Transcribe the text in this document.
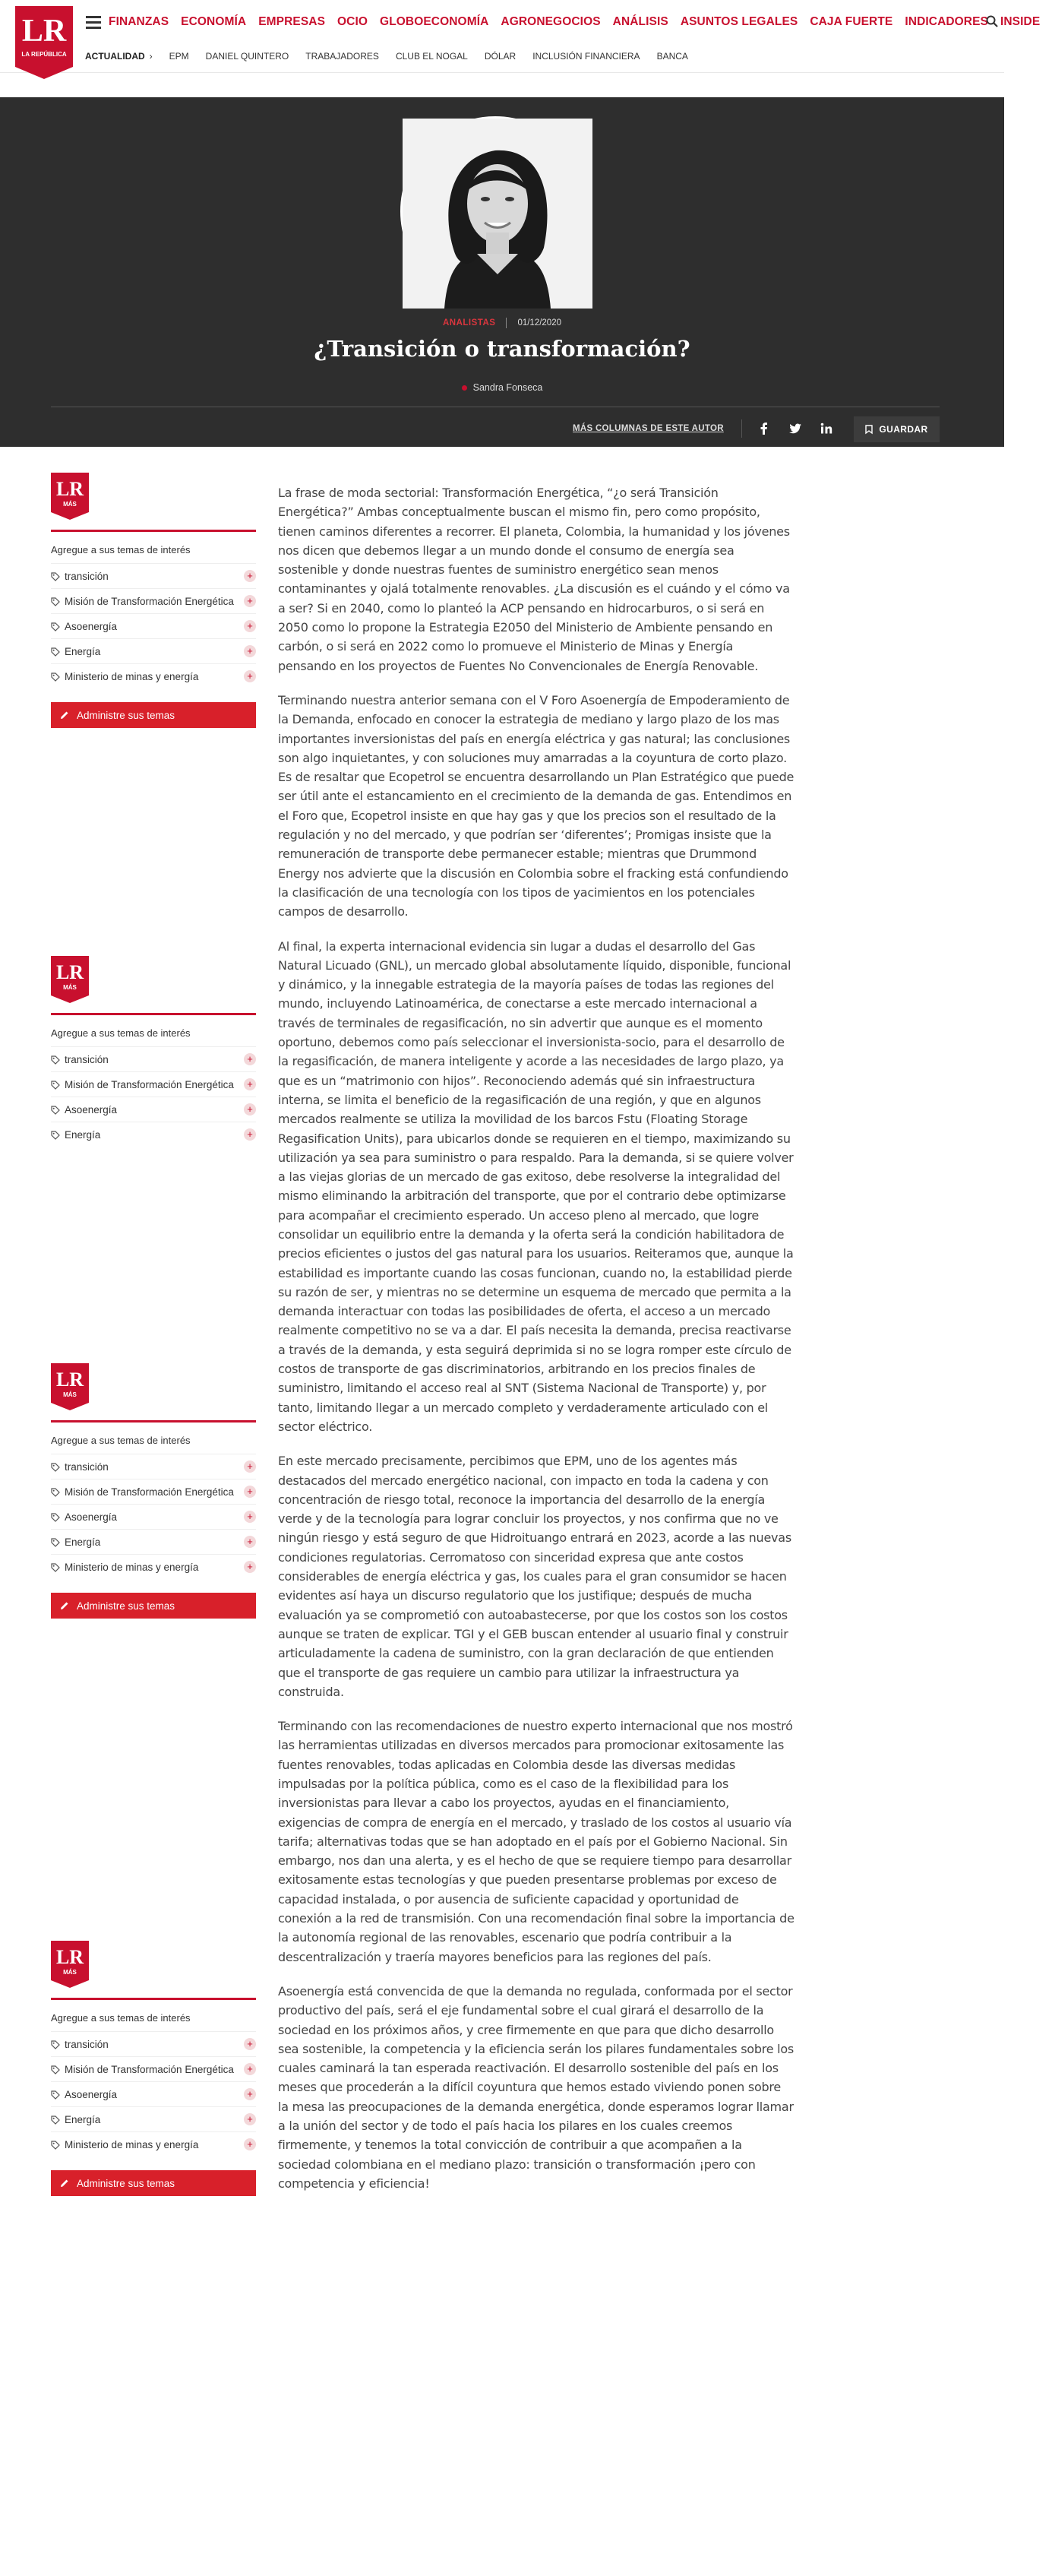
LR
LA REPÚBLICA
FINANZAS ECONOMÍA EMPRESAS OCIO GLOBOECONOMÍA AGRONEGOCIOS ANÁLISIS ASUNTOS LEGALES CAJA FUERTE INDICADORES INSIDE
ACTUALIDAD › EPM DANIEL QUINTERO TRABAJADORES CLUB EL NOGAL DÓLAR INCLUSIÓN FINANCIERA BANCA
ANALISTAS	01/12/2020
¿Transición o transformación?
Sandra Fonseca
MÁS COLUMNAS DE ESTE AUTOR	GUARDAR
LR
MÁS
Agregue a sus temas de interés
transición	+
Misión de Transformación Energética	+
Asoenergía	+
Energía	+
Ministerio de minas y energía	+
Administre sus temas
LR
MÁS
Agregue a sus temas de interés
transición	+
Misión de Transformación Energética	+
Asoenergía	+
Energía	+
LR
MÁS
Agregue a sus temas de interés
transición	+
Misión de Transformación Energética	+
Asoenergía	+
Energía	+
Ministerio de minas y energía	+
Administre sus temas
LR
MÁS
Agregue a sus temas de interés
transición	+
Misión de Transformación Energética	+
Asoenergía	+
Energía	+
Ministerio de minas y energía	+
Administre sus temas

La frase de moda sectorial: Transformación Energética, “¿o será Transición Energética?” Ambas conceptualmente buscan el mismo fin, pero como propósito, tienen caminos diferentes a recorrer. El planeta, Colombia, la humanidad y los jóvenes nos dicen que debemos llegar a un mundo donde el consumo de energía sea sostenible y donde nuestras fuentes de suministro energético sean menos contaminantes y ojalá totalmente renovables. ¿La discusión es el cuándo y el cómo va a ser? Si en 2040, como lo planteó la ACP pensando en hidrocarburos, o si será en 2050 como lo propone la Estrategia E2050 del Ministerio de Ambiente pensando en carbón, o si será en 2022 como lo promueve el Ministerio de Minas y Energía pensando en los proyectos de Fuentes No Convencionales de Energía Renovable.

Terminando nuestra anterior semana con el V Foro Asoenergía de Empoderamiento de la Demanda, enfocado en conocer la estrategia de mediano y largo plazo de los mas importantes inversionistas del país en energía eléctrica y gas natural; las conclusiones son algo inquietantes, y con soluciones muy amarradas a la coyuntura de corto plazo. Es de resaltar que Ecopetrol se encuentra desarrollando un Plan Estratégico que puede ser útil ante el estancamiento en el crecimiento de la demanda de gas. Entendimos en el Foro que, Ecopetrol insiste en que hay gas y que los precios son el resultado de la regulación y no del mercado, y que podrían ser ‘diferentes’; Promigas insiste que la remuneración de transporte debe permanecer estable; mientras que Drummond Energy nos advierte que la discusión en Colombia sobre el fracking está confundiendo la clasificación de una tecnología con los tipos de yacimientos en los potenciales campos de desarrollo.

Al final, la experta internacional evidencia sin lugar a dudas el desarrollo del Gas Natural Licuado (GNL), un mercado global absolutamente líquido, disponible, funcional y dinámico, y la innegable estrategia de la mayoría países de todas las regiones del mundo, incluyendo Latinoamérica, de conectarse a este mercado internacional a través de terminales de regasificación, no sin advertir que aunque es el momento oportuno, debemos como país seleccionar el inversionista-socio, para el desarrollo de la regasificación, de manera inteligente y acorde a las necesidades de largo plazo, ya que es un “matrimonio con hijos”. Reconociendo además qué sin infraestructura interna, se limita el beneficio de la regasificación de una región, y que en algunos mercados realmente se utiliza la movilidad de los barcos Fstu (Floating Storage Regasification Units), para ubicarlos donde se requieren en el tiempo, maximizando su utilización ya sea para suministro o para respaldo. Para la demanda, si se quiere volver a las viejas glorias de un mercado de gas exitoso, debe resolverse la integralidad del mismo eliminando la arbitración del transporte, que por el contrario debe optimizarse para acompañar el crecimiento esperado. Un acceso pleno al mercado, que logre consolidar un equilibrio entre la demanda y la oferta será la condición habilitadora de precios eficientes o justos del gas natural para los usuarios. Reiteramos que, aunque la estabilidad es importante cuando las cosas funcionan, cuando no, la estabilidad pierde su razón de ser, y mientras no se determine un esquema de mercado que permita a la demanda interactuar con todas las posibilidades de oferta, el acceso a un mercado realmente competitivo no se va a dar. El país necesita la demanda, precisa reactivarse a través de la demanda, y esta seguirá deprimida si no se logra romper este círculo de costos de transporte de gas discriminatorios, arbitrando en los precios finales de suministro, limitando el acceso real al SNT (Sistema Nacional de Transporte) y, por tanto, limitando llegar a un mercado completo y verdaderamente articulado con el sector eléctrico.

En este mercado precisamente, percibimos que EPM, uno de los agentes más destacados del mercado energético nacional, con impacto en toda la cadena y con concentración de riesgo total, reconoce la importancia del desarrollo de la energía verde y de la tecnología para lograr concluir los proyectos, y nos confirma que no ve ningún riesgo y está seguro de que Hidroituango entrará en 2023, acorde a las nuevas condiciones regulatorias. Cerromatoso con sinceridad expresa que ante costos considerables de energía eléctrica y gas, los cuales para el gran consumidor se hacen evidentes así haya un discurso regulatorio que los justifique; después de mucha evaluación ya se comprometió con autoabastecerse, por que los costos son los costos aunque se traten de explicar. TGI y el GEB buscan entender al usuario final y construir articuladamente la cadena de suministro, con la gran declaración de que entienden que el transporte de gas requiere un cambio para utilizar la infraestructura ya construida.

Terminando con las recomendaciones de nuestro experto internacional que nos mostró las herramientas utilizadas en diversos mercados para promocionar exitosamente las fuentes renovables, todas aplicadas en Colombia desde las diversas medidas impulsadas por la política pública, como es el caso de la flexibilidad para los inversionistas para llevar a cabo los proyectos, ayudas en el financiamiento, exigencias de compra de energía en el mercado, y traslado de los costos al usuario vía tarifa; alternativas todas que se han adoptado en el país por el Gobierno Nacional. Sin embargo, nos dan una alerta, y es el hecho de que se requiere tiempo para desarrollar exitosamente estas tecnologías y que pueden presentarse problemas por exceso de capacidad instalada, o por ausencia de suficiente capacidad y oportunidad de conexión a la red de transmisión. Con una recomendación final sobre la importancia de la autonomía regional de las renovables, escenario que podría contribuir a la descentralización y traería mayores beneficios para las regiones del país.

Asoenergía está convencida de que la demanda no regulada, conformada por el sector productivo del país, será el eje fundamental sobre el cual girará el desarrollo de la sociedad en los próximos años, y cree firmemente en que para que dicho desarrollo sea sostenible, la competencia y la eficiencia serán los pilares fundamentales sobre los cuales caminará la tan esperada reactivación. El desarrollo sostenible del país en los meses que procederán a la difícil coyuntura que hemos estado viviendo ponen sobre la mesa las preocupaciones de la demanda energética, donde esperamos lograr llamar a la unión del sector y de todo el país hacia los pilares en los cuales creemos firmemente, y tenemos la total convicción de contribuir a que acompañen a la sociedad colombiana en el mediano plazo: transición o transformación ¡pero con competencia y eficiencia!
